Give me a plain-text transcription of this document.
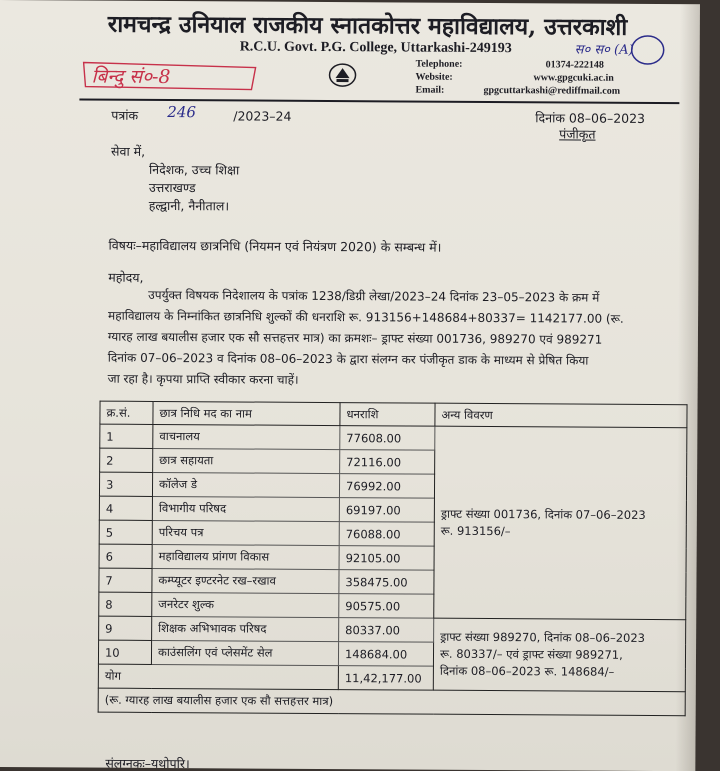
रामचन्द्र उनियाल राजकीय स्नातकोत्तर महाविद्यालय, उत्तरकाशी
R.C.U. Govt. P.G. College, Uttarkashi-249193
Telephone:	01374-222148
Website:	www.gpgcuki.ac.in
Email:	gpgcuttarkashi@rediffmail.com
स० स० (A)
बिन्दु सं०-8
पत्रांक 246	/2023–24	दिनांक 08–06–2023
पंजीकृत
सेवा में,
निदेशक, उच्च शिक्षा
उत्तराखण्ड
हल्द्वानी, नैनीताल।
विषयः–महाविद्यालय छात्रनिधि (नियमन एवं नियंत्रण 2020) के सम्बन्ध में।
महोदय,

उपर्युक्त विषयक निदेशालय के पत्रांक 1238/डिग्री लेखा/2023–24 दिनांक 23–05–2023 के क्रम में

महाविद्यालय के निम्नांकित छात्रनिधि शुल्कों की धनराशि रू. 913156+148684+80337= 1142177.00 (रू.

ग्यारह लाख बयालीस हजार एक सौ सत्तहत्तर मात्र) का क्रमशः– ड्राफ्ट संख्या 001736, 989270 एवं 989271

दिनांक 07–06–2023 व दिनांक 08–06–2023 के द्वारा संलग्न कर पंजीकृत डाक के माध्यम से प्रेषित किया

जा रहा है। कृपया प्राप्ति स्वीकार करना चाहें।

क्र.सं.	छात्र निधि मद का नाम	धनराशि	अन्य विवरण
1	वाचनालय	77608.00	ड्राफ्ट संख्या 001736, दिनांक 07–06–2023
रू. 913156/–

2	छात्र सहायता	72116.00	
3	कॉलेज डे	76992.00	
4	विभागीय परिषद	69197.00	
5	परिचय पत्र	76088.00	
6	महाविद्यालय प्रांगण विकास	92105.00	
7	कम्प्यूटर इण्टरनेट रख–रखाव	358475.00	
8	जनरेटर शुल्क	90575.00	
9	शिक्षक अभिभावक परिषद	80337.00	ड्राफ्ट संख्या 989270, दिनांक 08–06–2023
रू. 80337/– एवं ड्राफ्ट संख्या 989271,
दिनांक 08–06–2023 रू. 148684/–

10	काउंसलिंग एवं प्लेसमेंट सेल	148684.00	
योग		11,42,177.00	
(रू. ग्यारह लाख बयालीस हजार एक सौ सत्तहत्तर मात्र)			
संलग्नकः–यथोपरि।
